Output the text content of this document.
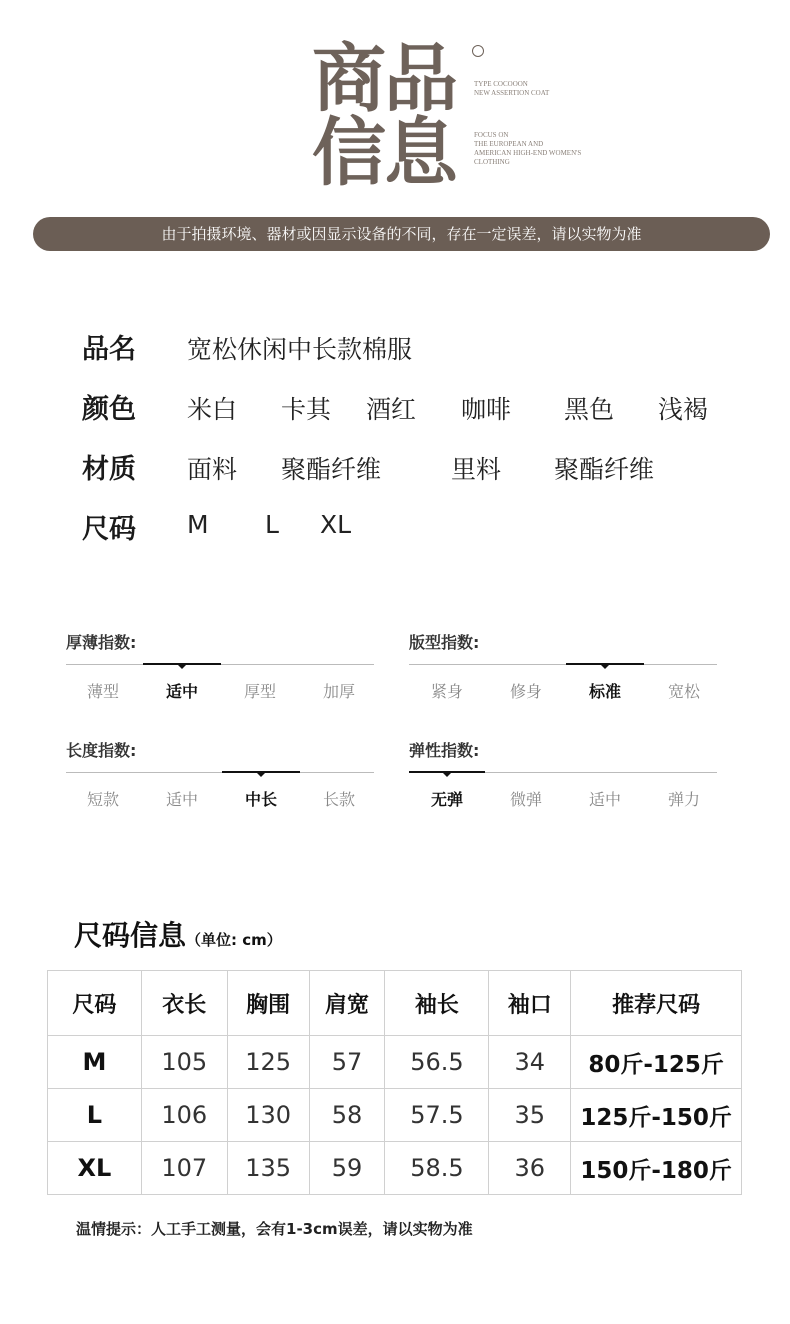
商品
信息
TYPE COCOOON
NEW ASSERTION COAT
FOCUS ON
THE EUROPEAN AND
AMERICAN HIGH-END WOMEN'S
CLOTHING
由于拍摄环境、器材或因显示设备的不同，存在一定误差，请以实物为准
品名 宽松休闲中长款棉服
颜色 米白 卡其 酒红 咖啡 黑色 浅褐
材质 面料 聚酯纤维	里料 聚酯纤维
尺码 M L XL
厚薄指数:
薄型	适中	厚型	加厚
版型指数:
紧身	修身	标准	宽松
长度指数:
短款	适中	中长	长款
弹性指数:
无弹	微弹	适中	弹力
尺码信息（单位: cm）
尺码	衣长	胸围	肩宽	袖长	袖口	推荐尺码
M	105	125	57	56.5	34	80斤-125斤
L	106	130	58	57.5	35	125斤-150斤
XL	107	135	59	58.5	36	150斤-180斤
温情提示：人工手工测量，会有1-3cm误差，请以实物为准
